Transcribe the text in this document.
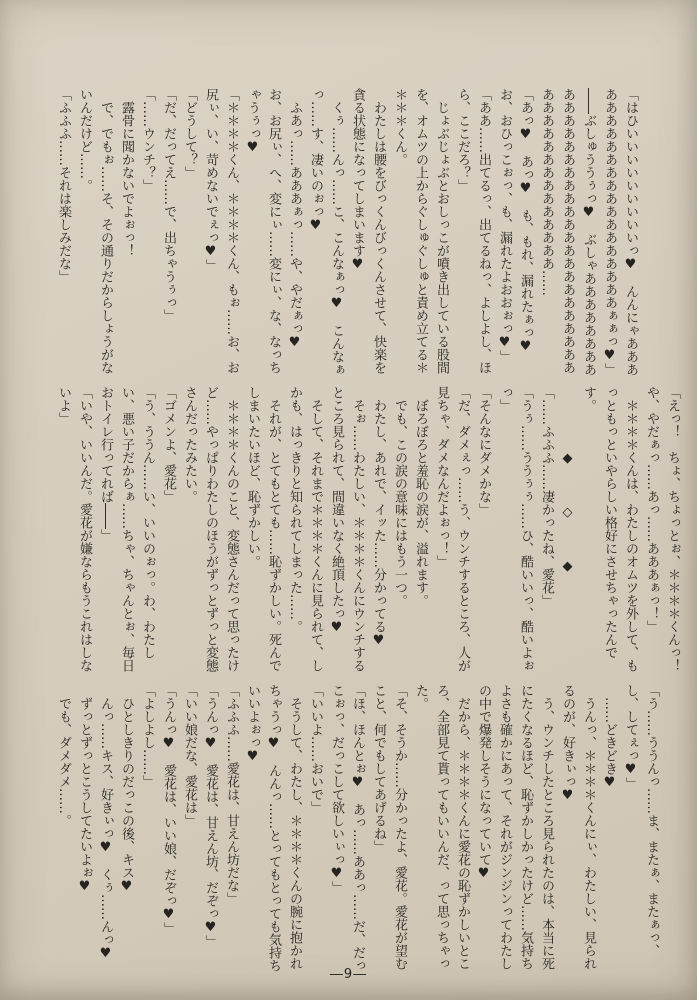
「はひいいいいいいいいいっ♥　んんにゃああああああああああああああああああああぁぁっ♥」

――ぶしゅううぅっ♥　ぶしゃああああああああああああああああああああああああああああああああああああああああああああ……

「あっ♥　あっ♥　も、もれ、漏れたぁっ♥　お、おひっこぉっ、も、漏れたよおおぉっ♥」

「ああ……出てるっ、出てるねっ、よしよし、ほら、ここだろ？」

　じょぶじょぶとおしっこが噴き出している股間を、オムツの上からぐしゅぐしゅと責め立てる＊＊＊＊くん。

　わたしは腰をびっくんびっくんさせて、快楽を貪る状態になってしまいます♥

　くぅ……んっ……こ、こんなぁっ♥　こんなぁっ……す、凄いのぉっ♥

　ふあっ……あああぁっ……や、やだぁっ♥　お、お尻ぃ、へ、変にぃ……変にぃ、な、なっちゃうぅっ♥

「＊＊＊＊くん、＊＊＊＊くん、もぉ……お、お尻ぃ、い、苛めないでぇっ♥」

「どうして？」

「だ、だってえ……で、出ちゃうぅっ」

「……ウンチ？」

　露骨に聞かないでよぉっ！

　で、でもぉ……そ、その通りだからしょうがないんだけど……。

「ふふふ……それは楽しみだな」

「えっ！　ちょ、ちょっとぉ、＊＊＊＊くんっ！や、やだぁっ……あっ……あああぁっ！」

　＊＊＊＊くんは、わたしのオムツを外して、もっともっといやらしい格好にさせちゃったんです。

　　　　　◆　　　◇　　　◆

「……ふふふ……凄かったね、愛花」

「うぅ……ううぅぅ……ひ、酷いいっ、酷いよぉっ」

「そんなにダメかな」

「だ、ダメぇっ……う、ウンチするところ、人が見ちゃ、ダメなんだよぉっ！」

　ぼろぼろと羞恥の涙が、溢れます。

　でも、この涙の意味にはもう一つ。

　わたし、あれで、イッた……分かってる♥

　そぉ……わたしい、＊＊＊＊くんにウンチするところ見られて、間違いなく絶頂したっ♥

　そして、それまで＊＊＊＊くんに見られて、しかも、はっきりと知られてしまった……。

　それが、とてもとても……恥ずかしい。死んでしまいたいほど、恥ずかしい。

　＊＊＊＊くんのこと、変態さんだって思ったけど……やっぱりわたしのほうがずっとずっと変態さんだったみたい。

「ゴメンよ、愛花」

「う、ううん……い、いいのぉっ。わ、わたしい、悪い子だからぁ……ちゃ、ちゃんとぉ、毎日おトイレ行ってれば――」

「いや、いいんだ。愛花が嫌ならもうこれはしないよ」

「う……ううんっ……ま、またぁ、またぁっ、し、してぇっ♥」

　……どきどき♥

　うんっ、＊＊＊＊くんにぃ、わたしい、見られるのが、好きぃっ♥

　う、ウンチしたところ見られたのは、本当に死にたくなるほど、恥ずかしかったけど……気持ちよさも確かにあって、それがジンジンってわたしの中で爆発しそうになっていて♥

　だから、＊＊＊＊くんに愛花の恥ずかしいところ、全部見て貰ってもいいんだ、って思っちゃった。

「そ、そうか……分かったよ、愛花。愛花が望むこと、何でもしてあげるね」

「ほ、ほんとぉ♥　あっ……ああっ……だ、だっこぉっ、だっこして欲しいぃっ♥」

「いいよ……おいで」

　そうして、わたし、＊＊＊＊くんの腕に抱かれちゃうっ♥　んんっ……とってもとっても気持ちいいよぉっ♥

「ふふふ……愛花は、甘えん坊だな」

「うんっ♥　愛花は、甘えん坊、だぞっ♥」

「いい娘だな、愛花は」

「うんっ♥　愛花は、いい娘、だぞっ♥」

「よしよし……」

　ひとしきりのだっこの後、キス♥

　んっ……キス、好きぃっ♥　くぅ……んっ♥

　ずっとずっとこうしてたいよぉ♥

　でも、ダメダメ……。

―9―
